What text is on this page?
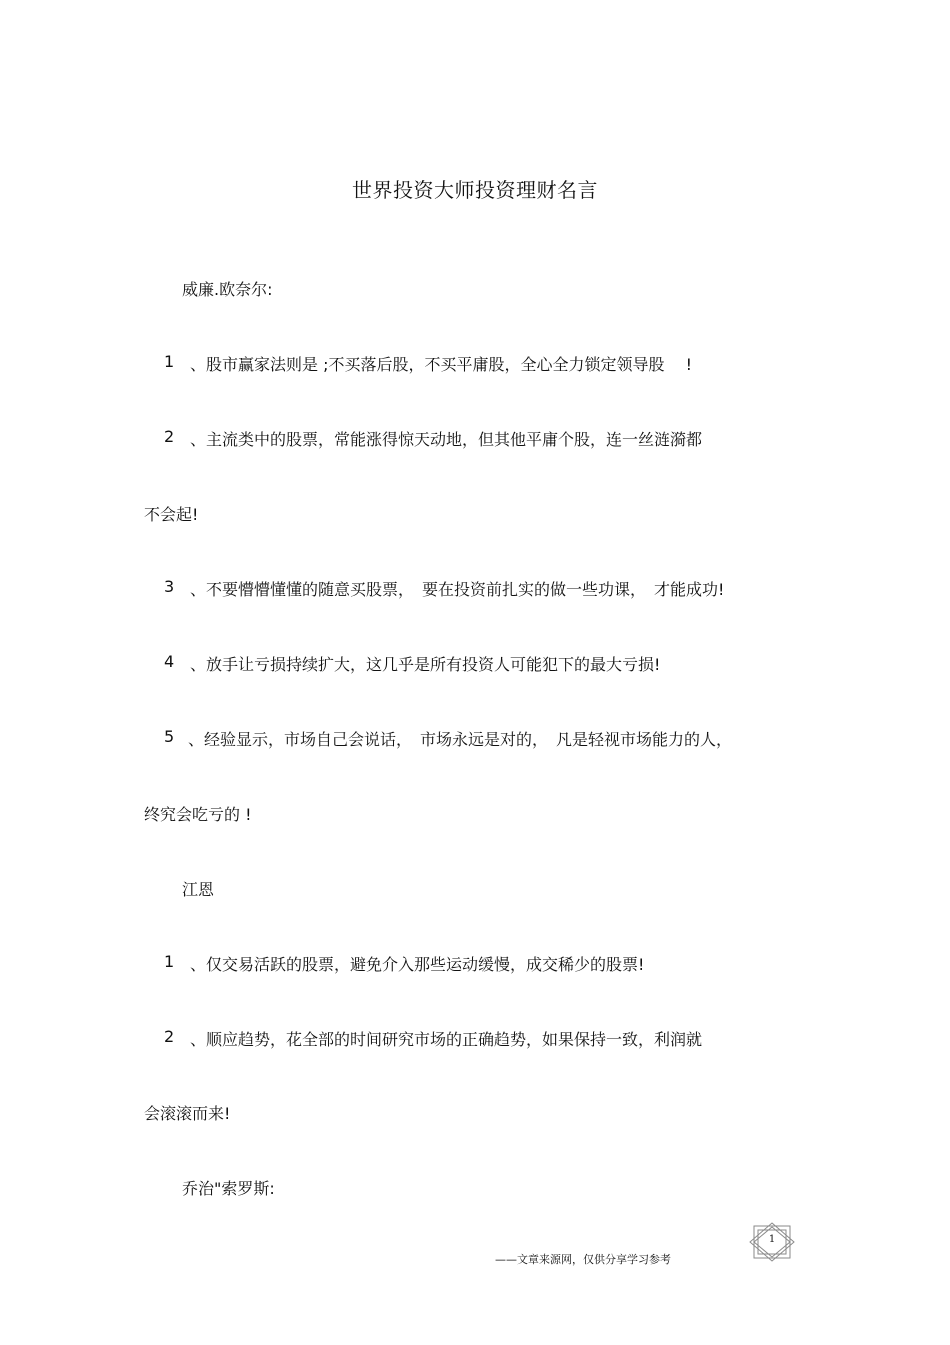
世界投资大师投资理财名言
威廉.欧奈尔:
1 、股市赢家法则是 ;不买落后股，不买平庸股，全心全力锁定领导股 　!
2 、主流类中的股票，常能涨得惊天动地，但其他平庸个股，连一丝涟漪都
不会起!
3 、不要懵懵懂懂的随意买股票，　要在投资前扎实的做一些功课，　才能成功!
4 、放手让亏损持续扩大，这几乎是所有投资人可能犯下的最大亏损!
5 、经验显示，市场自己会说话，　市场永远是对的，　凡是轻视市场能力的人，
终究会吃亏的 !
江恩
1 、仅交易活跃的股票，避免介入那些运动缓慢，成交稀少的股票!
2 、顺应趋势，花全部的时间研究市场的正确趋势，如果保持一致，利润就
会滚滚而来!
乔治"索罗斯:
——文章来源网，仅供分享学习参考
1
